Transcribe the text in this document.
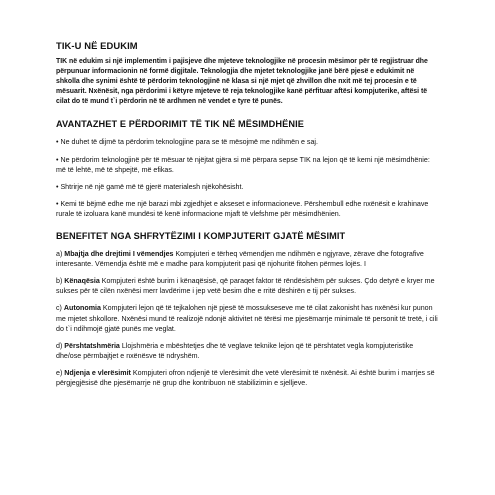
TIK-U NË EDUKIM

TIK në edukim si një implementim i pajisjeve dhe mjeteve teknologjike në procesin mësimor për të regjistruar dhe përpunuar informacionin në formë digjitale. Teknologjia dhe mjetet teknologjike janë bërë pjesë e edukimit në shkolla dhe synimi është të përdorim teknologjinë në klasa si një mjet që zhvillon dhe nxit më tej procesin e të mësuarit. Nxënësit, nga përdorimi i këtyre mjeteve të reja teknologjike kanë përfituar aftësi kompjuterike, aftësi të cilat do të mund t`i përdorin në të ardhmen në vendet e tyre të punës.

AVANTAZHET E PËRDORIMIT TË TIK NË MËSIMDHËNIE

• Ne duhet të dijmë ta përdorim teknologjine para se të mësojmë me ndihmën e saj.

• Ne përdorim teknologjinë për të mësuar të njëjtat gjëra si më përpara sepse TIK na lejon që të kemi një mësimdhënie: më të lehtë, më të shpejtë, më efikas.

• Shtrirje në një gamë më të gjerë materialesh njëkohësisht.

• Kemi të bëjmë edhe me një barazi mbi zgjedhjet e akseset e informacioneve. Përshembull edhe nxënësit e krahinave rurale të izoluara kanë mundësi të kenë informacione mjaft të vlefshme për mësimdhënien.

BENEFITET NGA SHFRYTËZIMI I KOMPJUTERIT GJATË MËSIMIT

a) Mbajtja dhe drejtimi I vëmendjes Kompjuteri e tërheq vëmendjen me ndihmën e ngjyrave, zërave dhe fotografive interesante. Vëmendja është më e madhe para kompjuterit pasi që njohuritë fitohen përmes lojës. I

b) Kënaqësia Kompjuteri është burim i kënaqësisë, që paraqet faktor të rëndësishëm për sukses. Çdo detyrë e kryer me sukses për të cilën nxënësi merr lavdërime i jep vetë besim dhe e rritë dëshirën e tij për sukses.

c) Autonomia Kompjuteri lejon që të tejkalohen një pjesë të mossukseseve me të cilat zakonisht has nxënësi kur punon me mjetet shkollore. Nxënësi mund të realizojë ndonjë aktivitet në tërësi me pjesëmarrje minimale të personit të tretë, i cili do t`i ndihmojë gjatë punës me veglat.

d) Përshtatshmëria Llojshmëria e mbështetjes dhe të veglave teknike lejon që të përshtatet vegla kompjuteristike dhe/ose përmbajtjet e nxënësve të ndryshëm.

e) Ndjenja e vlerësimit Kompjuteri ofron ndjenjë të vlerësimit dhe vetë vlerësimit të nxënësit. Ai është burim i marrjes së përgjegjësisë dhe pjesëmarrje në grup dhe kontribuon në stabilizimin e sjelljeve.
